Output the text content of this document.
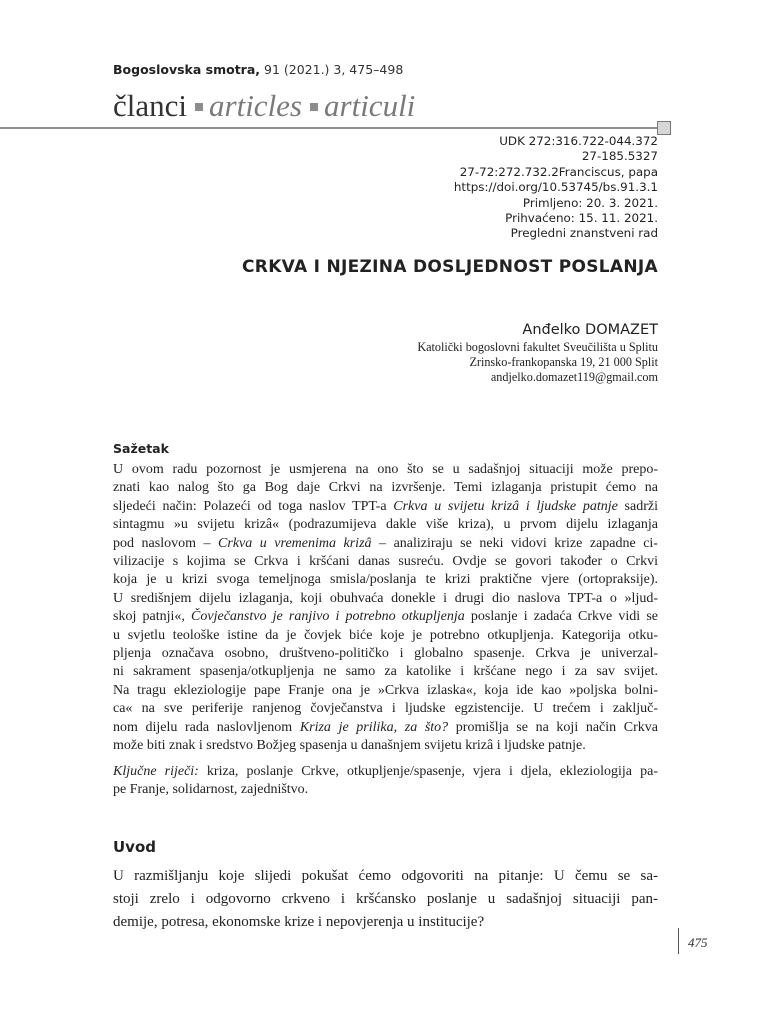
Bogoslovska smotra, 91 (2021.) 3, 475–498
članci articles articuli
UDK 272:316.722-044.372
27-185.5327
27-72:272.732.2Franciscus, papa
https://doi.org/10.53745/bs.91.3.1
Primljeno: 20. 3. 2021.
Prihvaćeno: 15. 11. 2021.
Pregledni znanstveni rad
CRKVA I NJEZINA DOSLJEDNOST POSLANJA
Anđelko DOMAZET
Katolički bogoslovni fakultet Sveučilišta u Splitu
Zrinsko-frankopanska 19, 21 000 Split
andjelko.domazet119@gmail.com
Sažetak
U ovom radu pozornost je usmjerena na ono što se u sadašnjoj situaciji može prepo-
znati kao nalog što ga Bog daje Crkvi na izvršenje. Temi izlaganja pristupit ćemo na
sljedeći način: Polazeći od toga naslov TPT-a Crkva u svijetu krizâ i ljudske patnje sadrži
sintagmu »u svijetu krizâ« (podrazumijeva dakle više kriza), u prvom dijelu izlaganja
pod naslovom – Crkva u vremenima krizâ – analiziraju se neki vidovi krize zapadne ci-
vilizacije s kojima se Crkva i kršćani danas susreću. Ovdje se govori također o Crkvi
koja je u krizi svoga temeljnoga smisla/poslanja te krizi praktične vjere (ortopraksije).
U središnjem dijelu izlaganja, koji obuhvaća donekle i drugi dio naslova TPT-a o »ljud-
skoj patnji«, Čovječanstvo je ranjivo i potrebno otkupljenja poslanje i zadaća Crkve vidi se
u svjetlu teološke istine da je čovjek biće koje je potrebno otkupljenja. Kategorija otku-
pljenja označava osobno, društveno-političko i globalno spasenje. Crkva je univerzal-
ni sakrament spasenja/otkupljenja ne samo za katolike i kršćane nego i za sav svijet.
Na tragu ekleziologije pape Franje ona je »Crkva izlaska«, koja ide kao »poljska bolni-
ca« na sve periferije ranjenog čovječanstva i ljudske egzistencije. U trećem i zaključ-
nom dijelu rada naslovljenom Kriza je prilika, za što? promišlja se na koji način Crkva
može biti znak i sredstvo Božjeg spasenja u današnjem svijetu krizâ i ljudske patnje.
Ključne riječi: kriza, poslanje Crkve, otkupljenje/spasenje, vjera i djela, ekleziologija pa-
pe Franje, solidarnost, zajedništvo.
Uvod
U razmišljanju koje slijedi pokušat ćemo odgovoriti na pitanje: U čemu se sa-
stoji zrelo i odgovorno crkveno i kršćansko poslanje u sadašnjoj situaciji pan-
demije, potresa, ekonomske krize i nepovjerenja u institucije?
475
